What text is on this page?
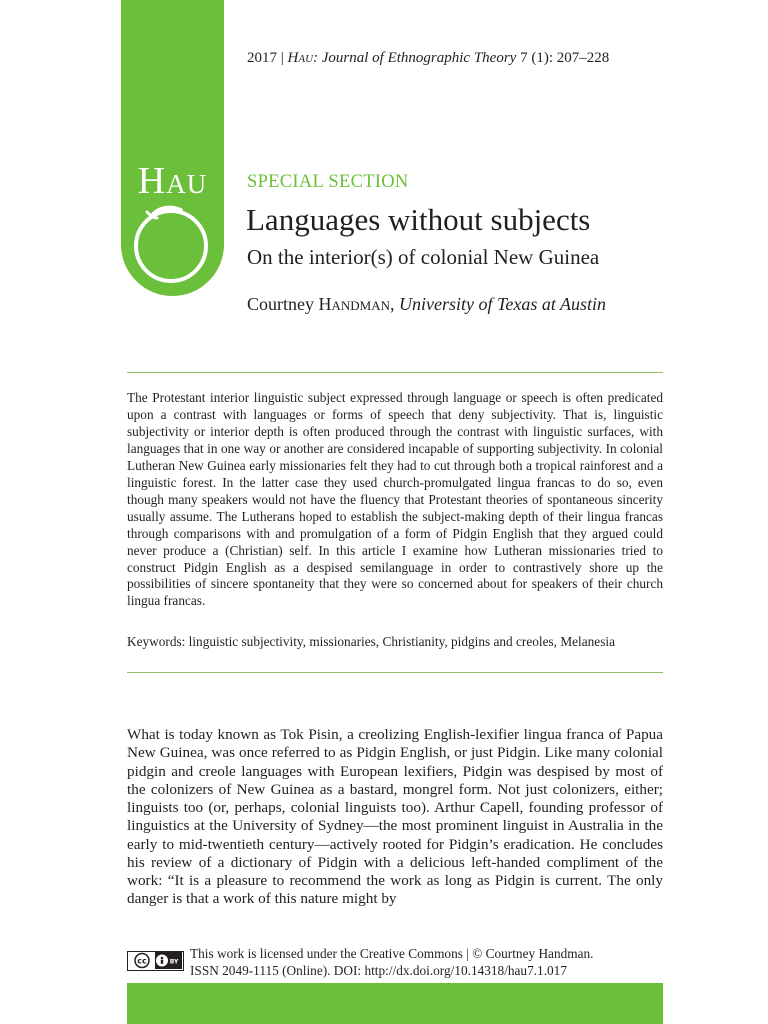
Hau
2017 | Hau: Journal of Ethnographic Theory 7 (1): 207–228
SPECIAL SECTION
Languages without subjects
On the interior(s) of colonial New Guinea
Courtney Handman, University of Texas at Austin

The Protestant interior linguistic subject expressed through language or speech is often predicated upon a contrast with languages or forms of speech that deny subjectivity. That is, linguistic subjectivity or interior depth is often produced through the contrast with linguistic surfaces, with languages that in one way or another are considered incapable of supporting subjectivity. In colonial Lutheran New Guinea early missionaries felt they had to cut through both a tropical rainforest and a linguistic forest. In the latter case they used church-promulgated lingua francas to do so, even though many speakers would not have the fluency that Protestant theories of spontaneous sincerity usually assume. The Lutherans hoped to establish the subject-making depth of their lingua francas through comparisons with and promulgation of a form of Pidgin English that they argued could never produce a (Christian) self. In this article I examine how Lutheran missionaries tried to construct Pidgin English as a despised semilanguage in order to contrastively shore up the possibilities of sincere spontaneity that they were so concerned about for speakers of their church lingua francas.

Keywords: linguistic subjectivity, missionaries, Christianity, pidgins and creoles, Melanesia

What is today known as Tok Pisin, a creolizing English-lexifier lingua franca of Papua New Guinea, was once referred to as Pidgin English, or just Pidgin. Like many colonial pidgin and creole languages with European lexifiers, Pidgin was despised by most of the colonizers of New Guinea as a bastard, mongrel form. Not just colonizers, either; linguists too (or, perhaps, colonial linguists too). Arthur Capell, founding professor of linguistics at the University of Sydney—the most prominent linguist in Australia in the early to mid-twentieth century—actively rooted for Pidgin’s eradication. He concludes his review of a dictionary of Pidgin with a delicious left-handed compliment of the work: “It is a pleasure to recommend the work as long as Pidgin is current. The only danger is that a work of this nature might by

cc	BY
This work is licensed under the Creative Commons | © Courtney Handman.
ISSN 2049-1115 (Online). DOI: http://dx.doi.org/10.14318/hau7.1.017
